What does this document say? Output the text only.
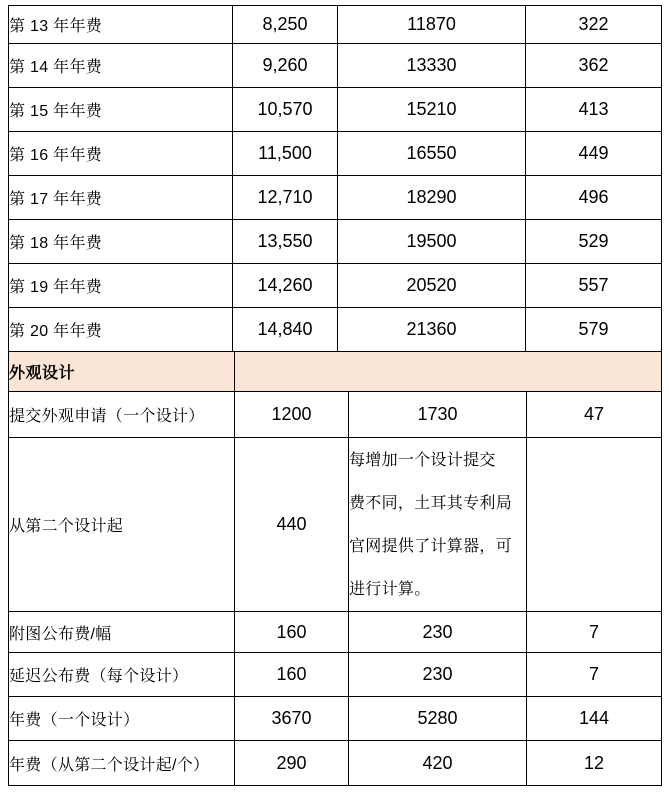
第 13 年年费	8,250	11870	322
第 14 年年费	9,260	13330	362
第 15 年年费	10,570	15210	413
第 16 年年费	11,500	16550	449
第 17 年年费	12,710	18290	496
第 18 年年费	13,550	19500	529
第 19 年年费	14,260	20520	557
第 20 年年费	14,840	21360	579
外观设计			
提交外观申请（一个设计）	1200	1730	47
从第二个设计起	440	每增加一个设计提交
费不同，土耳其专利局
官网提供了计算器，可
进行计算。	

附图公布费/幅	160	230	7
延迟公布费（每个设计）	160	230	7
年费（一个设计）	3670	5280	144
年费（从第二个设计起/个）	290	420	12
